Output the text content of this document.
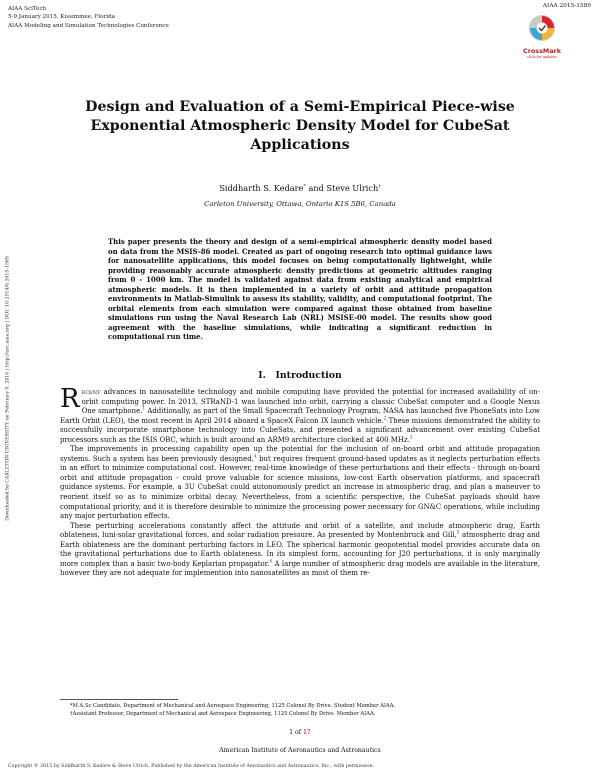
AIAA SciTech
5-9 January 2015, Kissimmee, Florida
AIAA Modeling and Simulation Technologies Conference
AIAA 2015-1589
CrossMark
click for updates
Design and Evaluation of a Semi-Empirical Piece-wise Exponential Atmospheric Density Model for CubeSat Applications
Siddharth S. Kedare* and Steve Ulrich†
Carleton University, Ottawa, Ontario K1S 5B6, Canada
This paper presents the theory and design of a semi-empirical atmospheric density model based on data from the MSIS-86 model. Created as part of ongoing research into optimal guidance laws for nanosatellite applications, this model focuses on being computationally lightweight, while providing reasonably accurate atmospheric density predictions at geometric altitudes ranging from 0 - 1000 km. The model is validated against data from existing analytical and empirical atmospheric models. It is then implemented in a variety of orbit and attitude propagation environments in Matlab-Simulink to assess its stability, validity, and computational footprint. The orbital elements from each simulation were compared against those obtained from baseline simulations run using the Naval Research Lab (NRL) MSISE-00 model. The results show good agreement with the baseline simulations, while indicating a significant reduction in computational run time.
I. Introduction

Recent advances in nanosatellite technology and mobile computing have provided the potential for increased availability of on-orbit computing power. In 2013, STRaND-1 was launched into orbit, carrying a classic CubeSat computer and a Google Nexus One smartphone.$^1$ Additionally, as part of the Small Spacecraft Technology Program, NASA has launched five PhoneSats into Low Earth Orbit (LEO), the most recent in April 2014 aboard a SpaceX Falcon IX launch vehicle.$^2$ These missions demonstrated the ability to successfully incorporate smartphone technology into CubeSats, and presented a significant advancement over existing CubeSat processors such as the ISIS OBC, which is built around an ARM9 architecture clocked at 400 MHz.$^3$

The improvements in processing capability open up the potential for the inclusion of on-board orbit and attitude propagation systems. Such a system has been previously designed,$^4$ but requires frequent ground-based updates as it neglects perturbation effects in an effort to minimize computational cost. However, real-time knowledge of these perturbations and their effects - through on-board orbit and attitude propagation - could prove valuable for science missions, low-cost Earth observation platforms, and spacecraft guidance systems. For example, a 3U CubeSat could autonomously predict an increase in atmospheric drag, and plan a maneuver to reorient itself so as to minimize orbital decay. Nevertheless, from a scientific perspective, the CubeSat payloads should have computational priority, and it is therefore desirable to minimize the processing power necessary for GN&C operations, while including any major perturbation effects.

These perturbing accelerations constantly affect the attitude and orbit of a satellite, and include atmospheric drag, Earth oblateness, luni-solar gravitational forces, and solar radiation pressure. As presented by Montenbruck and Gill,$^5$ atmospheric drag and Earth oblateness are the dominant perturbing factors in LEO. The spherical harmonic geopotential model provides accurate data on the gravitational perturbations due to Earth oblateness. In its simplest form, accounting for J20 perturbations, it is only marginally more complex than a basic two-body Keplarian propagator.$^6$ A large number of atmospheric drag models are available in the literature, however they are not adequate for implemention into nanosatellites as most of them re-

Downloaded by CARLETON UNIVERSITY on February 9, 2016 | http://arc.aiaa.org | DOI: 10.2514/6.2015-1589
*M.A.Sc Candidate, Department of Mechanical and Aerospace Engineering, 1125 Colonel By Drive. Student Member AIAA.
†Assistant Professor, Department of Mechanical and Aerospace Engineering, 1125 Colonel By Drive. Member AIAA.
1 of 17
American Institute of Aeronautics and Astronautics
Copyright © 2015 by Siddharth S. Kedare & Steve Ulrich. Published by the American Institute of Aeronautics and Astronautics, Inc., with permission.
